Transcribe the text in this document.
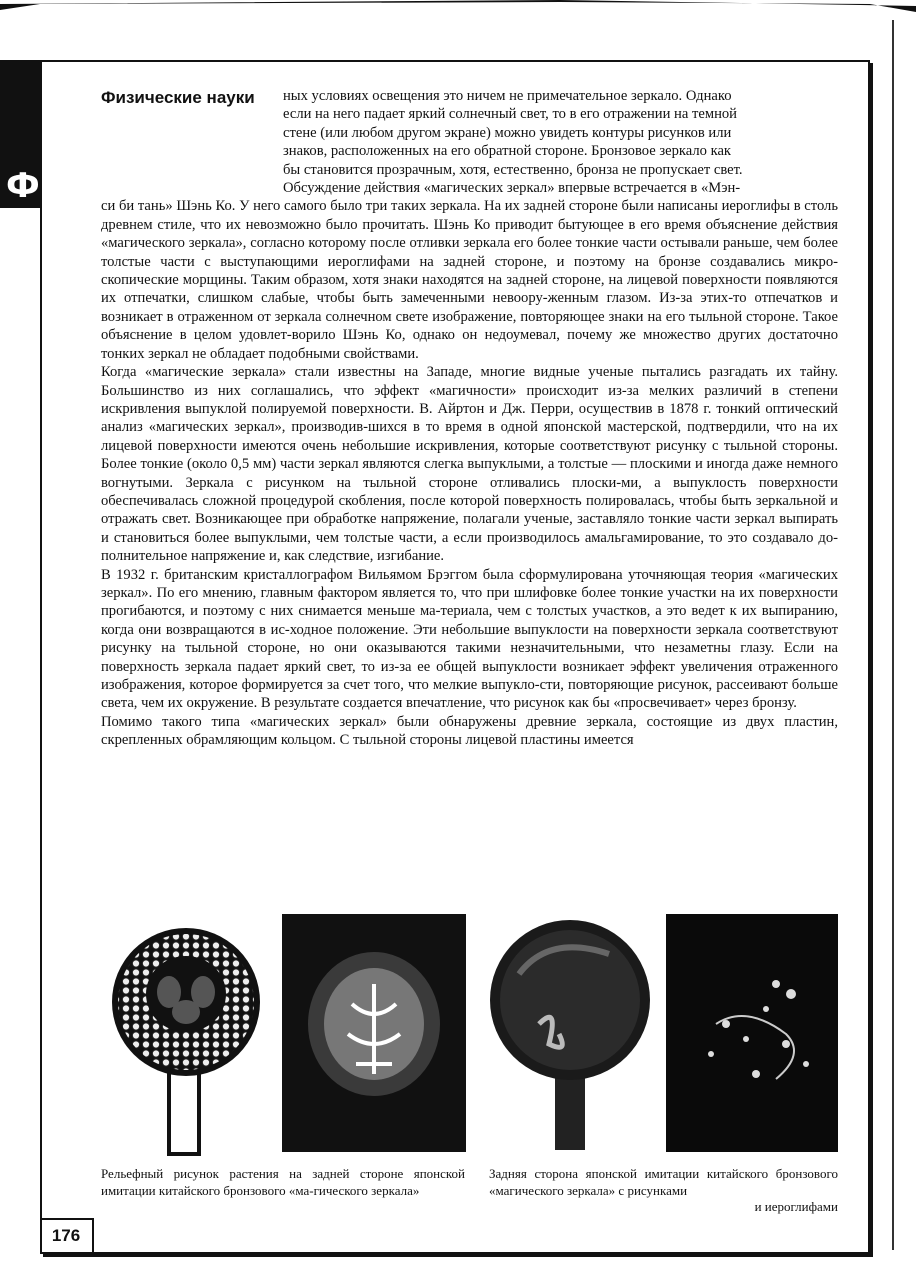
Ф
Физические науки	ных условиях освещения это ничем не примечательное зеркало. Однако

если на него падает яркий солнечный свет, то в его отражении на темной

стене (или любом другом экране) можно увидеть контуры рисунков или

знаков, расположенных на его обратной стороне. Бронзовое зеркало как

бы становится прозрачным, хотя, естественно, бронза не пропускает свет.

Обсуждение действия «магических зеркал» впервые встречается в «Мэн-

си би тань» Шэнь Ко. У него самого было три таких зеркала. На их задней стороне были написаны иероглифы в столь древнем стиле, что их невозможно было прочитать. Шэнь Ко приводит бытующее в его время объяснение действия «магического зеркала», согласно которому после отливки зеркала его более тонкие части остывали раньше, чем более толстые части с выступающими иероглифами на задней стороне, и поэтому на бронзе создавались микро-скопические морщины. Таким образом, хотя знаки находятся на задней стороне, на лицевой поверхности появляются их отпечатки, слишком слабые, чтобы быть замеченными невоору-женным глазом. Из-за этих-то отпечатков и возникает в отраженном от зеркала солнечном свете изображение, повторяющее знаки на его тыльной стороне. Такое объяснение в целом удовлет-ворило Шэнь Ко, однако он недоумевал, почему же множество других достаточно тонких зеркал не обладает подобными свойствами.

Когда «магические зеркала» стали известны на Западе, многие видные ученые пытались разгадать их тайну. Большинство из них соглашались, что эффект «магичности» происходит из-за мелких различий в степени искривления выпуклой полируемой поверхности. В. Айртон и Дж. Перри, осуществив в 1878 г. тонкий оптический анализ «магических зеркал», производив-шихся в то время в одной японской мастерской, подтвердили, что на их лицевой поверхности имеются очень небольшие искривления, которые соответствуют рисунку с тыльной стороны. Более тонкие (около 0,5 мм) части зеркал являются слегка выпуклыми, а толстые — плоскими и иногда даже немного вогнутыми. Зеркала с рисунком на тыльной стороне отливались плоски-ми, а выпуклость поверхности обеспечивалась сложной процедурой скобления, после которой поверхность полировалась, чтобы быть зеркальной и отражать свет. Возникающее при обработке напряжение, полагали ученые, заставляло тонкие части зеркал выпирать и становиться более выпуклыми, чем толстые части, а если производилось амальгамирование, то это создавало до-полнительное напряжение и, как следствие, изгибание.

В 1932 г. британским кристаллографом Вильямом Брэггом была сформулирована уточняющая теория «магических зеркал». По его мнению, главным фактором является то, что при шлифовке более тонкие участки на их поверхности прогибаются, и поэтому с них снимается меньше ма-териала, чем с толстых участков, а это ведет к их выпиранию, когда они возвращаются в ис-ходное положение. Эти небольшие выпуклости на поверхности зеркала соответствуют рисунку на тыльной стороне, но они оказываются такими незначительными, что незаметны глазу. Если на поверхность зеркала падает яркий свет, то из-за ее общей выпуклости возникает эффект увеличения отраженного изображения, которое формируется за счет того, что мелкие выпукло-сти, повторяющие рисунок, рассеивают больше света, чем их окружение. В результате создается впечатление, что рисунок как бы «просвечивает» через бронзу.

Помимо такого типа «магических зеркал» были обнаружены древние зеркала, состоящие из двух пластин, скрепленных обрамляющим кольцом. С тыльной стороны лицевой пластины имеется

Рельефный рисунок растения на задней стороне японской имитации китайского бронзового «ма-гического зеркала»
Задняя сторона японской имитации китайского бронзового «магического зеркала» с рисунками
и иероглифами
176
